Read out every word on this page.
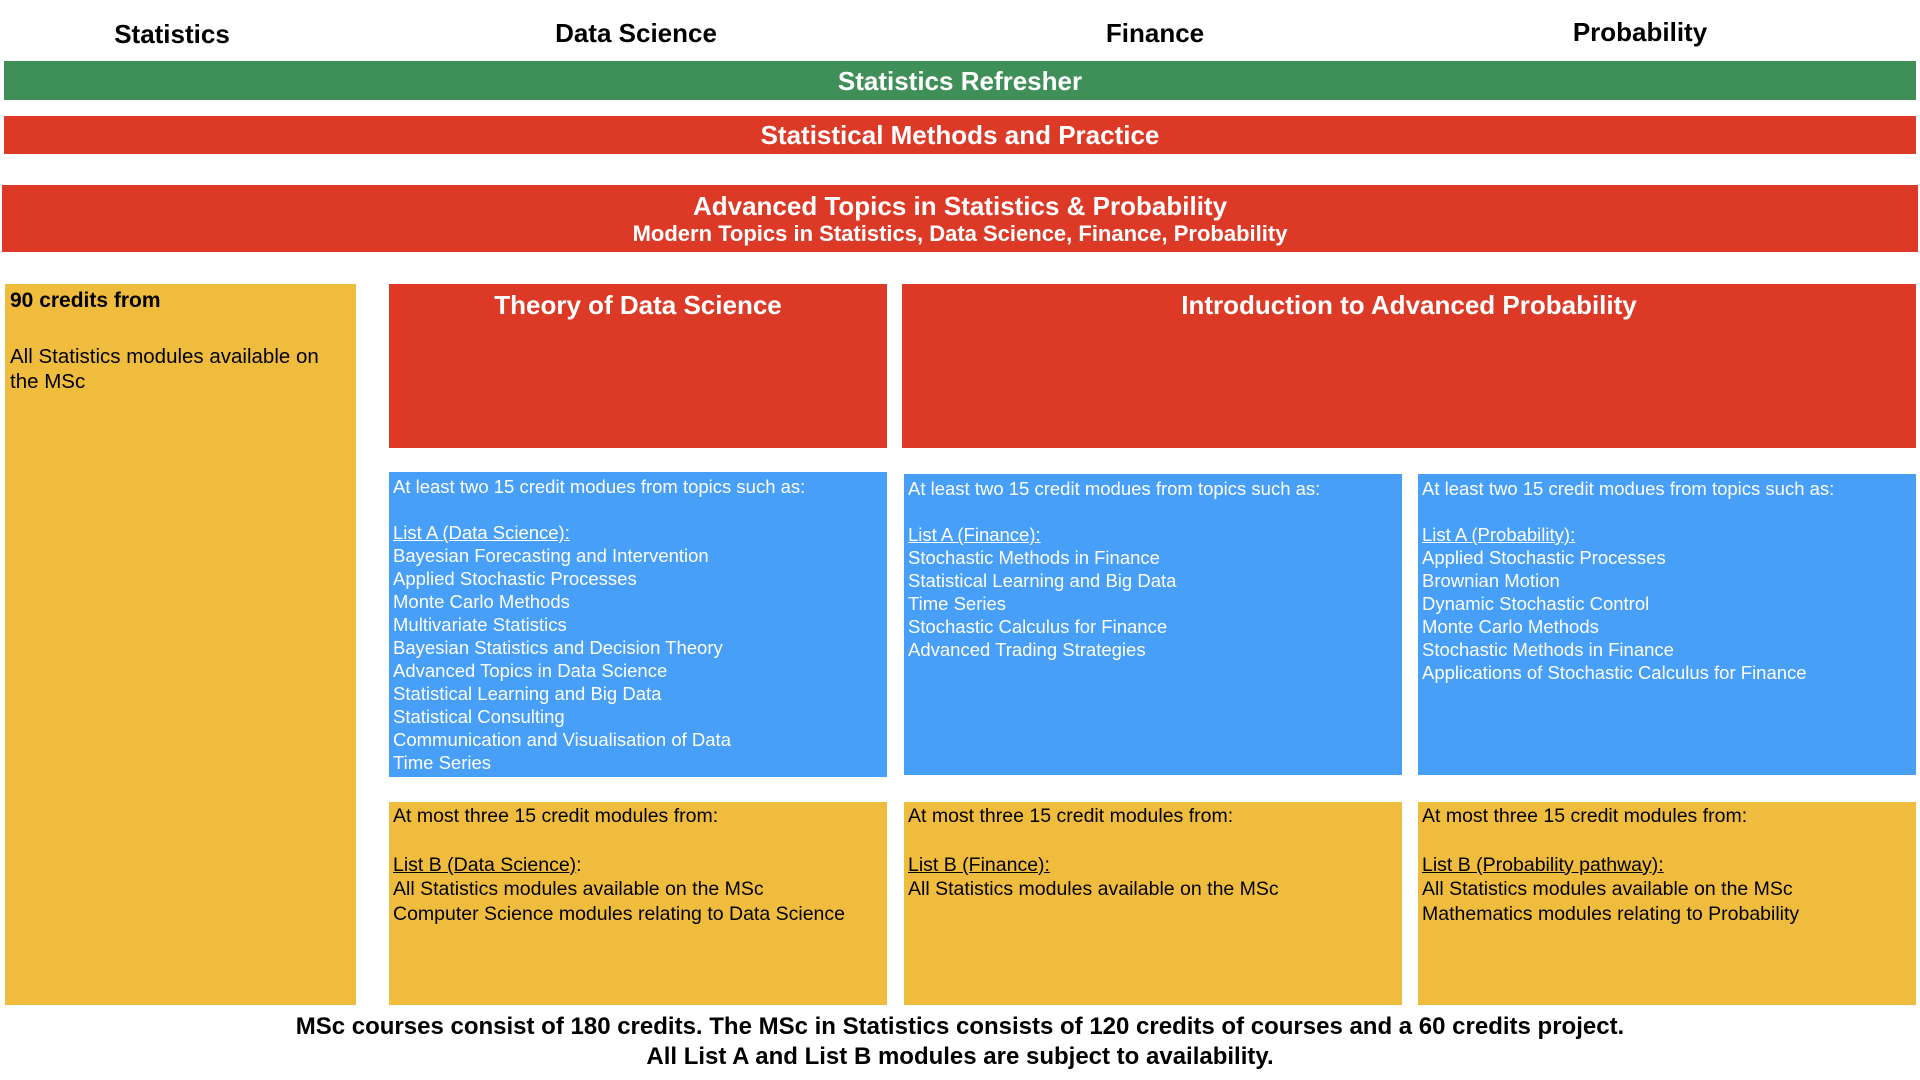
Statistics	Data Science	Finance	Probability
Statistics Refresher
Statistical Methods and Practice
Advanced Topics in Statistics & Probability
Modern Topics in Statistics, Data Science, Finance, Probability
90 credits from
All Statistics modules available on the MSc
Theory of Data Science	Introduction to Advanced Probability
At least two 15 credit modues from topics such as:
List A (Data Science):
Bayesian Forecasting and Intervention
Applied Stochastic Processes
Monte Carlo Methods
Multivariate Statistics
Bayesian Statistics and Decision Theory
Advanced Topics in Data Science
Statistical Learning and Big Data
Statistical Consulting
Communication and Visualisation of Data
Time Series
At least two 15 credit modues from topics such as:
List A (Finance):
Stochastic Methods in Finance
Statistical Learning and Big Data
Time Series
Stochastic Calculus for Finance
Advanced Trading Strategies
At least two 15 credit modues from topics such as:
List A (Probability):
Applied Stochastic Processes
Brownian Motion
Dynamic Stochastic Control
Monte Carlo Methods
Stochastic Methods in Finance
Applications of Stochastic Calculus for Finance
At most three 15 credit modules from:
List B (Data Science):
All Statistics modules available on the MSc
Computer Science modules relating to Data Science
At most three 15 credit modules from:
List B (Finance):
All Statistics modules available on the MSc
At most three 15 credit modules from:
List B (Probability pathway):
All Statistics modules available on the MSc
Mathematics modules relating to Probability
MSc courses consist of 180 credits. The MSc in Statistics consists of 120 credits of courses and a 60 credits project.
All List A and List B modules are subject to availability.
